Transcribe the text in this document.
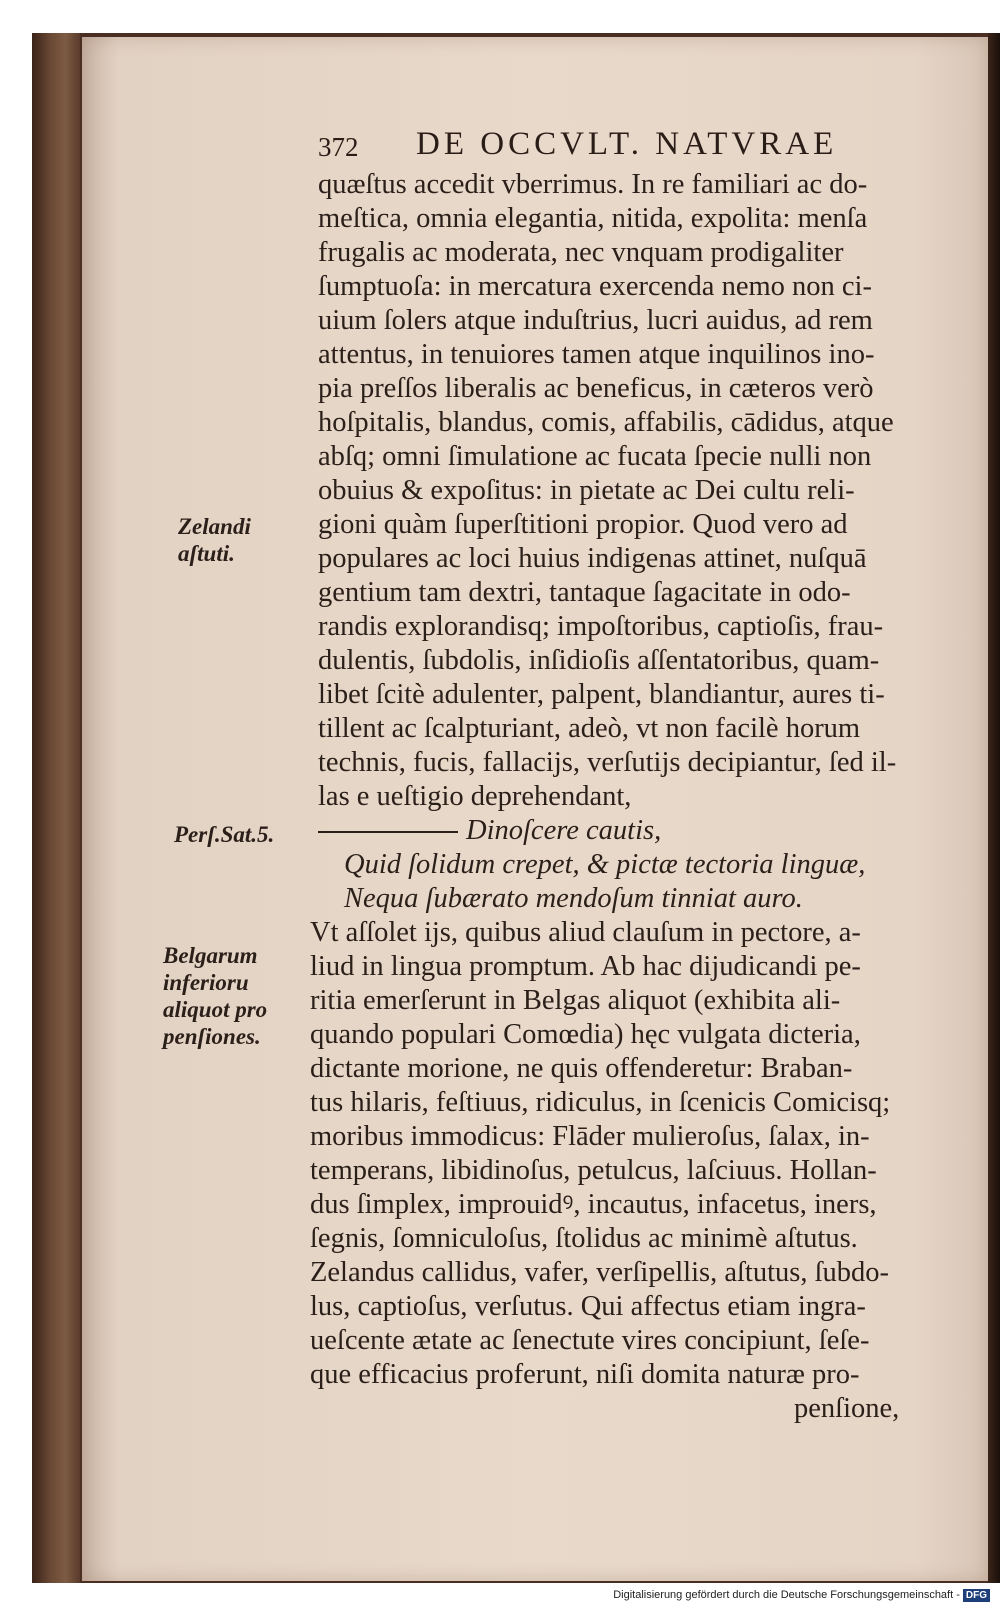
372 DE OCCVLT. NATVRAE
Zelandi
aſtuti.
Perſ.Sat.5.
Belgarum
inferioru
aliquot pro
penſiones.
quæſtus accedit vberrimus. In re familiari ac do-
meſtica, omnia elegantia, nitida, expolita: menſa
frugalis ac moderata, nec vnquam prodigaliter
ſumptuoſa: in mercatura exercenda nemo non ci-
uium ſolers atque induſtrius, lucri auidus, ad rem
attentus, in tenuiores tamen atque inquilinos ino-
pia preſſos liberalis ac beneficus, in cæteros verò
hoſpitalis, blandus, comis, affabilis, cādidus, atque
abſq; omni ſimulatione ac fucata ſpecie nulli non
obuius & expoſitus: in pietate ac Dei cultu reli-
gioni quàm ſuperſtitioni propior. Quod vero ad
populares ac loci huius indigenas attinet, nuſquā
gentium tam dextri, tantaque ſagacitate in odo-
randis explorandisq; impoſtoribus, captioſis, frau-
dulentis, ſubdolis, inſidioſis aſſentatoribus, quam-
libet ſcitè adulenter, palpent, blandiantur, aures ti-
tillent ac ſcalpturiant, adeò, vt non facilè horum
technis, fucis, fallacijs, verſutijs decipiantur, ſed il-
las e ueſtigio deprehendant,
Dinoſcere cautis,
Quid ſolidum crepet, & pictæ tectoria linguæ,
Nequa ſubærato mendoſum tinniat auro.
Vt aſſolet ijs, quibus aliud clauſum in pectore, a-
liud in lingua promptum. Ab hac dijudicandi pe-
ritia emerſerunt in Belgas aliquot (exhibita ali-
quando populari Comœdia) hęc vulgata dicteria,
dictante morione, ne quis offenderetur: Braban-
tus hilaris, feſtiuus, ridiculus, in ſcenicis Comicisq;
moribus immodicus: Flāder mulieroſus, ſalax, in-
temperans, libidinoſus, petulcus, laſciuus. Hollan-
dus ſimplex, improuidꝰ, incautus, infacetus, iners,
ſegnis, ſomniculoſus, ſtolidus ac minimè aſtutus.
Zelandus callidus, vafer, verſipellis, aſtutus, ſubdo-
lus, captioſus, verſutus. Qui affectus etiam ingra-
ueſcente ætate ac ſenectute vires concipiunt, ſeſe-
que efficacius proferunt, niſi domita naturæ pro-
penſione,
Digitalisierung gefördert durch die Deutsche Forschungsgemeinschaft - DFG
